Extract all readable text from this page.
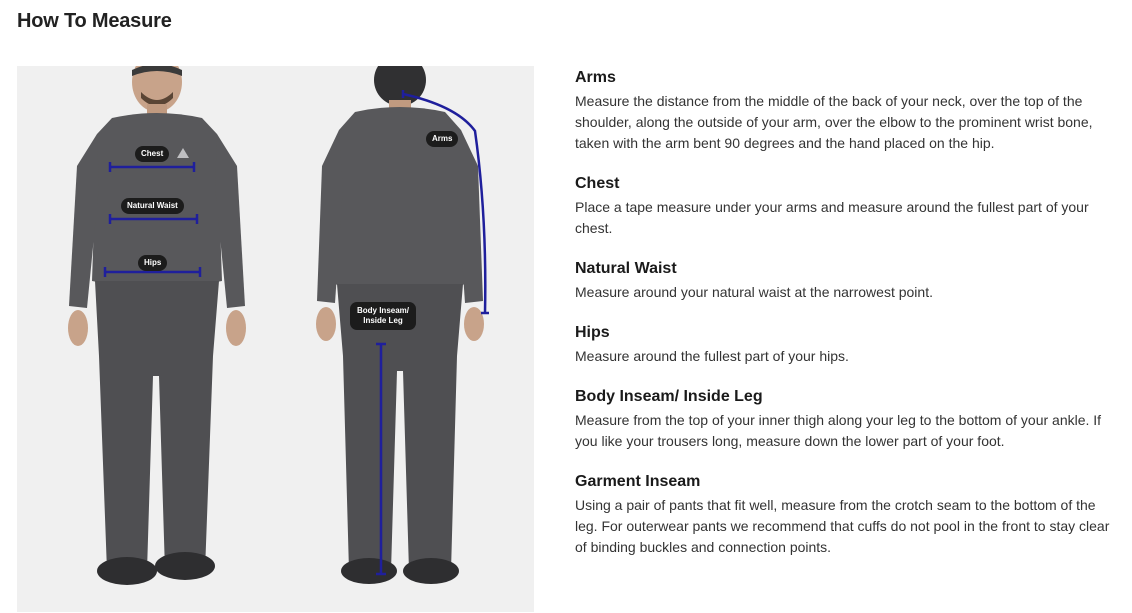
How To Measure
Chest
Natural Waist
Hips
Arms
Body Inseam/ Inside Leg
Arms

Measure the distance from the middle of the back of your neck, over the top of the shoulder, along the outside of your arm, over the elbow to the prominent wrist bone, taken with the arm bent 90 degrees and the hand placed on the hip.

Chest

Place a tape measure under your arms and measure around the fullest part of your chest.

Natural Waist

Measure around your natural waist at the narrowest point.

Hips

Measure around the fullest part of your hips.

Body Inseam/ Inside Leg

Measure from the top of your inner thigh along your leg to the bottom of your ankle. If you like your trousers long, measure down the lower part of your foot.

Garment Inseam

Using a pair of pants that fit well, measure from the crotch seam to the bottom of the leg. For outerwear pants we recommend that cuffs do not pool in the front to stay clear of binding buckles and connection points.
